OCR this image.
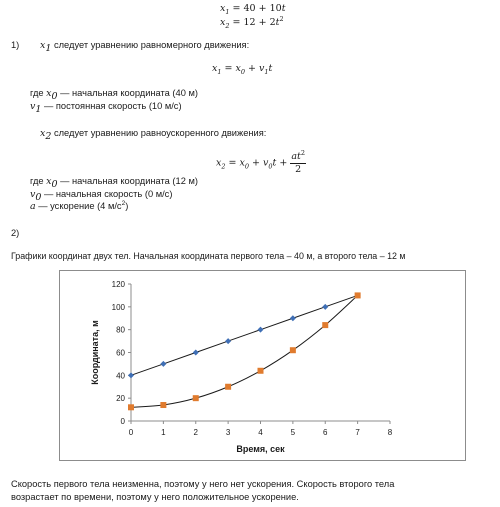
$x_1 = 40 + 10t$
$x_2 = 12 + 2t^2$
1) $x_1$ следует уравнению равномерного движения:
$x_1 = x_0 + v_1t$
где $x_0$ — начальная координата (40 м)
$v_1$ — постоянная скорость (10 м/с)
$x_2$ следует уравнению равноускоренного движения:
$x_2 = x_0 + v_0t + \frac{at^2}{2}$
где $x_0$ — начальная координата (12 м)
$v_0$ — начальная скорость (0 м/с)
a — ускорение (4 $м/с^2$)
2)
Графики координат двух тел. Начальная координата первого тела – 40 м, а второго тела – 12 м
0	1	2	3	4	5	6	7	8
0
20
40
60
80
100
120
Время, сек
Координата, м
Скорость первого тела неизменна, поэтому у него нет ускорения. Скорость второго тела
возрастает по времени, поэтому у него положительное ускорение.
